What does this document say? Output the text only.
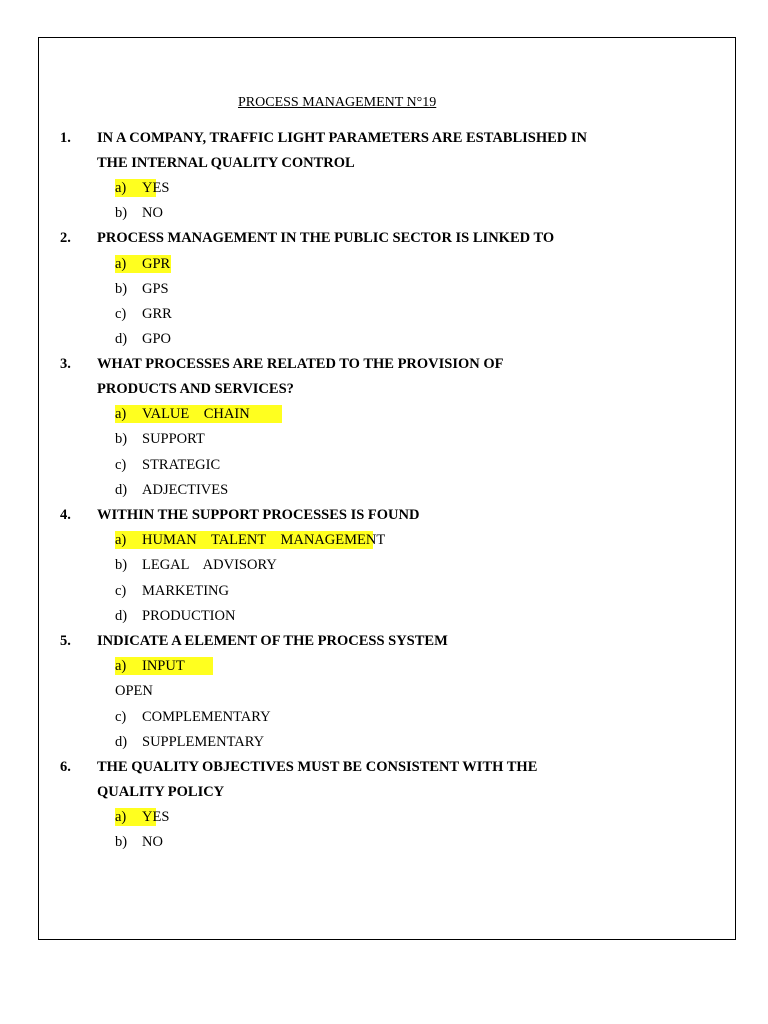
PROCESS MANAGEMENT N°19
1. IN A COMPANY, TRAFFIC LIGHT PARAMETERS ARE ESTABLISHED IN
THE INTERNAL QUALITY CONTROL
a) YES
b) NO
2. PROCESS MANAGEMENT IN THE PUBLIC SECTOR IS LINKED TO
a) GPR
b) GPS
c) GRR
d) GPO
3. WHAT PROCESSES ARE RELATED TO THE PROVISION OF
PRODUCTS AND SERVICES?
a) VALUE    CHAIN
b) SUPPORT
c) STRATEGIC
d) ADJECTIVES
4. WITHIN THE SUPPORT PROCESSES IS FOUND
a) HUMAN    TALENT    MANAGEMENT
b) LEGAL    ADVISORY
c) MARKETING
d) PRODUCTION
5. INDICATE A ELEMENT OF THE PROCESS SYSTEM
a) INPUT
OPEN
c) COMPLEMENTARY
d) SUPPLEMENTARY
6. THE QUALITY OBJECTIVES MUST BE CONSISTENT WITH THE
QUALITY POLICY
a) YES
b) NO
